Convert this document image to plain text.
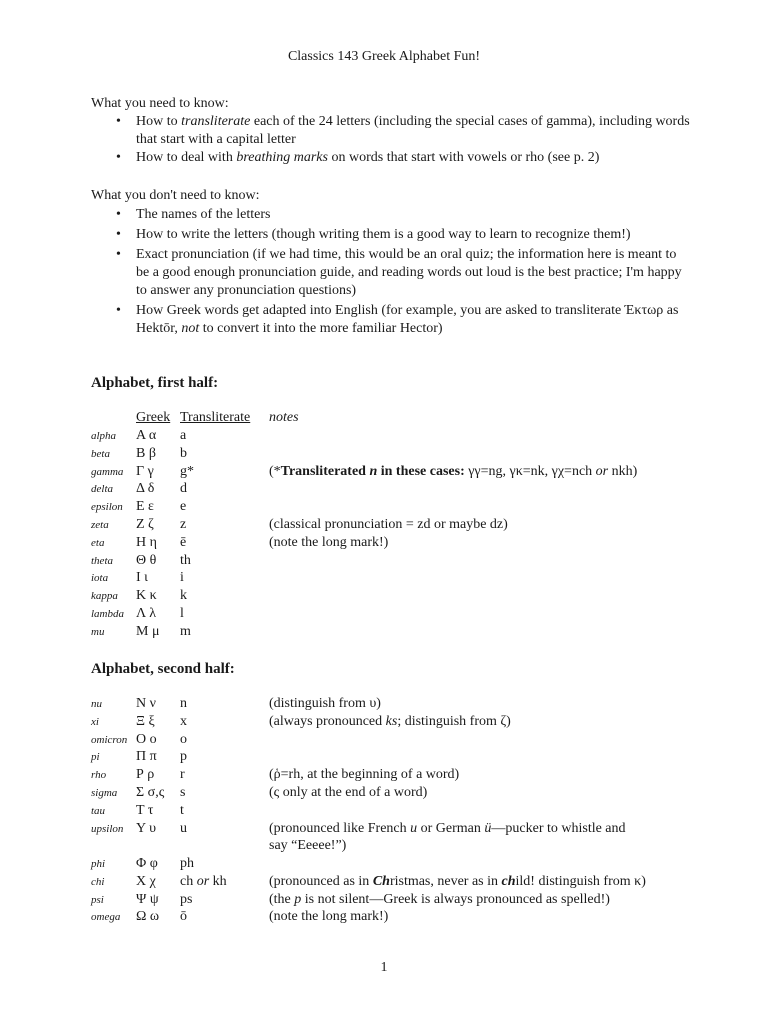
Classics 143 Greek Alphabet Fun!
What you need to know:
• How to transliterate each of the 24 letters (including the special cases of gamma), including words that start with a capital letter
• How to deal with breathing marks on words that start with vowels or rho (see p. 2)
What you don't need to know:
• The names of the letters
• How to write the letters (though writing them is a good way to learn to recognize them!)
• Exact pronunciation (if we had time, this would be an oral quiz; the information here is meant to be a good enough pronunciation guide, and reading words out loud is the best practice; I'm happy to answer any pronunciation questions)
• How Greek words get adapted into English (for example, you are asked to transliterate Έκτωρ as Hektōr, not to convert it into the more familiar Hector)
Alphabet, first half:
Greek Transliterate notes
alpha	Α α a
beta	Β β b
gamma Γ γ g*	(*Transliterated n in these cases: γγ=ng, γκ=nk, γχ=nch or nkh)
delta	Δ δ d
epsilon Ε ε e
zeta	Ζ ζ z	(classical pronunciation = zd or maybe dz)
eta	Η η ē	(note the long mark!)
theta	Θ θ th
iota	Ι ι i
kappa	Κ κ k
lambda Λ λ l
mu	Μ μ m
Alphabet, second half:
nu	Ν ν n	(distinguish from υ)
xi	Ξ ξ x	(always pronounced ks; distinguish from ζ)
omicron Ο ο o
pi	Π π p
rho	Ρ ρ r	(ῥ=rh, at the beginning of a word)
sigma	Σ σ,ς s	(ς only at the end of a word)
tau	Τ τ t
upsilon Υ υ u	(pronounced like French u or German ü—pucker to whistle and
say “Eeeee!”)
phi	Φ φ ph
chi	Χ χ ch or kh	(pronounced as in Christmas, never as in child! distinguish from κ)
psi	Ψ ψ ps	(the p is not silent—Greek is always pronounced as spelled!)
omega	Ω ω ō	(note the long mark!)
1
